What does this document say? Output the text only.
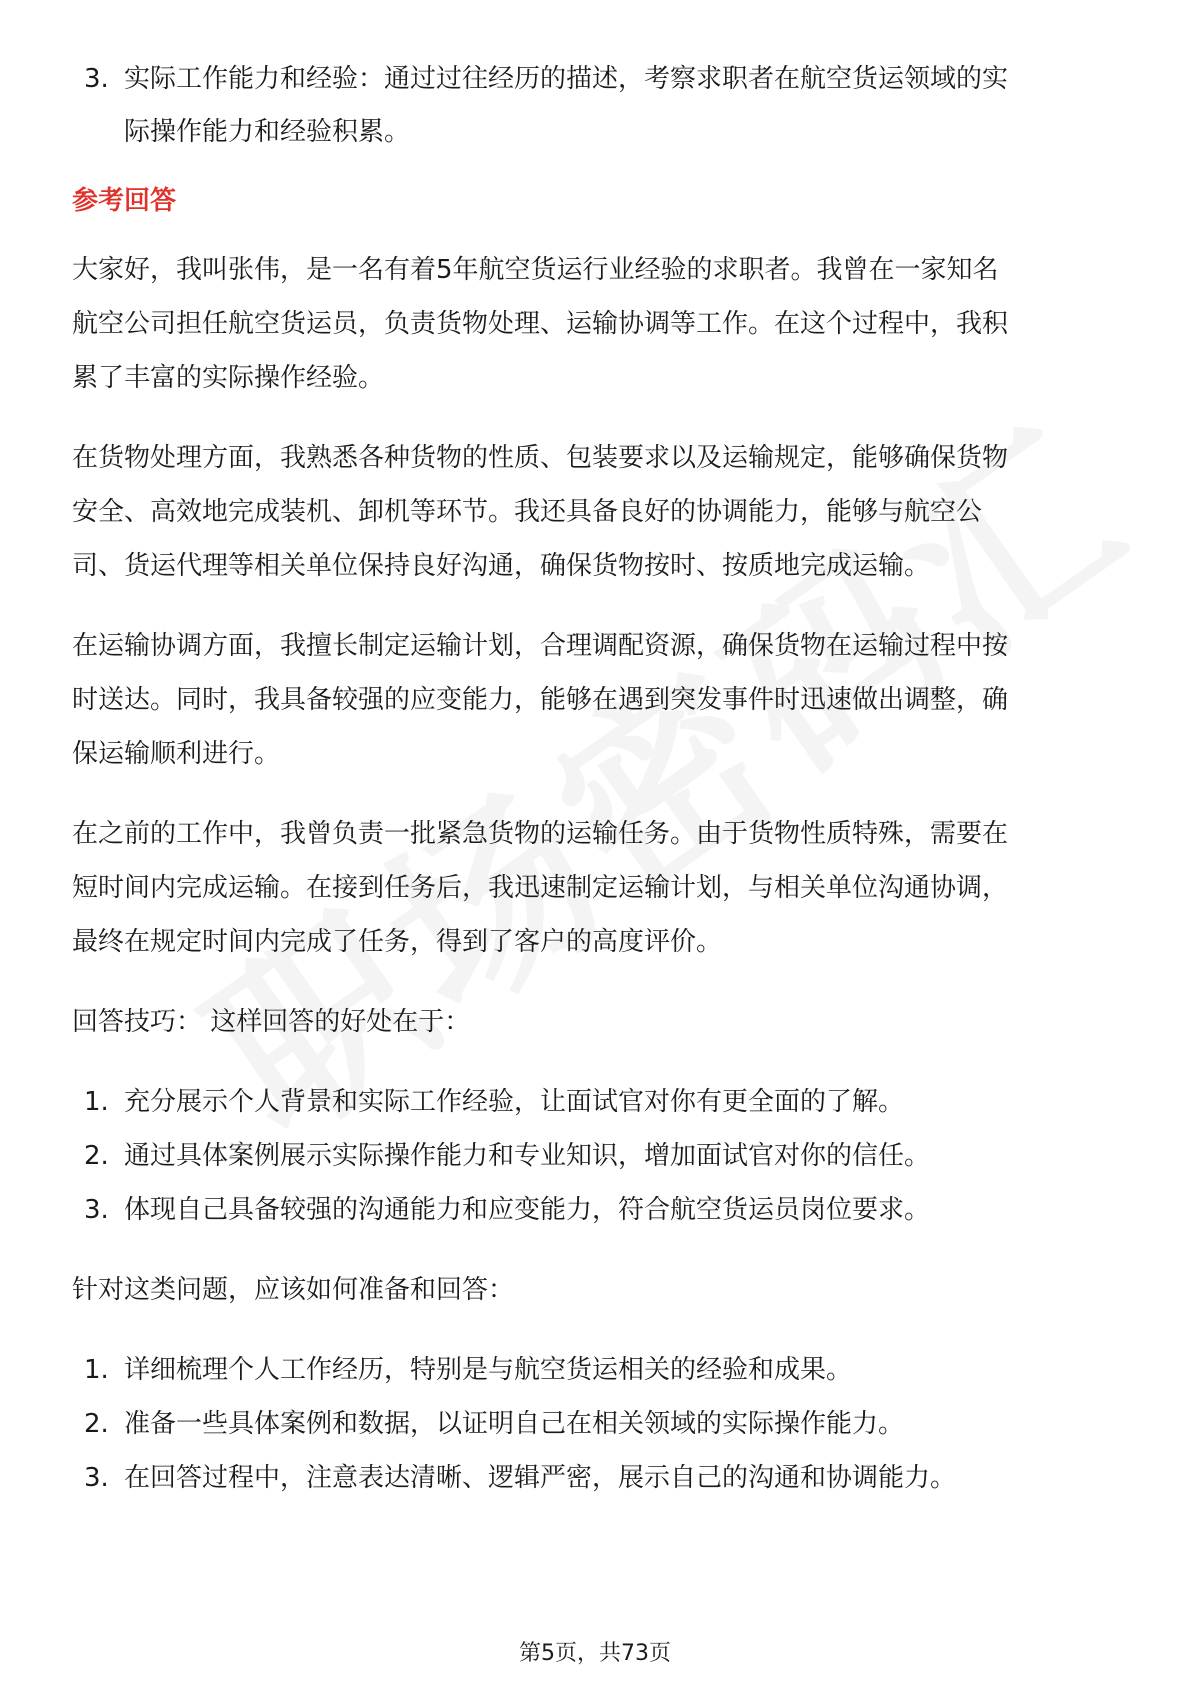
3. 实际工作能力和经验：通过过往经历的描述，考察求职者在航空货运领域的实
际操作能力和经验积累。
参考回答
大家好，我叫张伟，是一名有着5年航空货运行业经验的求职者。我曾在一家知名
航空公司担任航空货运员，负责货物处理、运输协调等工作。在这个过程中，我积
累了丰富的实际操作经验。
在货物处理方面，我熟悉各种货物的性质、包装要求以及运输规定，能够确保货物
安全、高效地完成装机、卸机等环节。我还具备良好的协调能力，能够与航空公
司、货运代理等相关单位保持良好沟通，确保货物按时、按质地完成运输。
在运输协调方面，我擅长制定运输计划，合理调配资源，确保货物在运输过程中按
时送达。同时，我具备较强的应变能力，能够在遇到突发事件时迅速做出调整，确
保运输顺利进行。
在之前的工作中，我曾负责一批紧急货物的运输任务。由于货物性质特殊，需要在
短时间内完成运输。在接到任务后，我迅速制定运输计划，与相关单位沟通协调，
最终在规定时间内完成了任务，得到了客户的高度评价。
回答技巧： 这样回答的好处在于：
1. 充分展示个人背景和实际工作经验，让面试官对你有更全面的了解。
2. 通过具体案例展示实际操作能力和专业知识，增加面试官对你的信任。
3. 体现自己具备较强的沟通能力和应变能力，符合航空货运员岗位要求。
针对这类问题，应该如何准备和回答：
1. 详细梳理个人工作经历，特别是与航空货运相关的经验和成果。
2. 准备一些具体案例和数据，以证明自己在相关领域的实际操作能力。
3. 在回答过程中，注意表达清晰、逻辑严密，展示自己的沟通和协调能力。
第5页，共73页
